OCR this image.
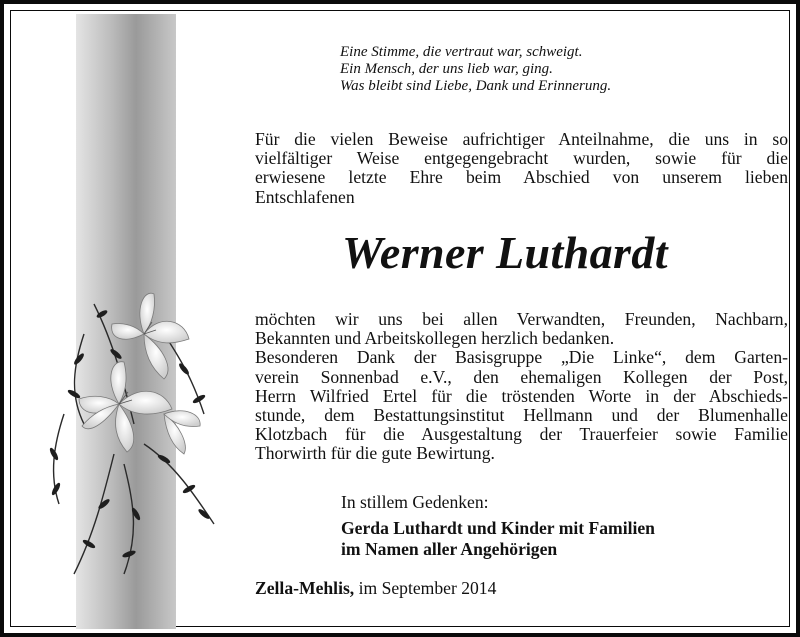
Eine Stimme, die vertraut war, schweigt.
Ein Mensch, der uns lieb war, ging.
Was bleibt sind Liebe, Dank und Erinnerung.
Für die vielen Beweise aufrichtiger Anteilnahme, die uns in so
vielfältiger Weise entgegengebracht wurden, sowie für die
erwiesene letzte Ehre beim Abschied von unserem lieben
Entschlafenen
Werner Luthardt
möchten wir uns bei allen Verwandten, Freunden, Nachbarn,
Bekannten und Arbeitskollegen herzlich bedanken.
Besonderen Dank der Basisgruppe „Die Linke“, dem Garten-
verein Sonnenbad e.V., den ehemaligen Kollegen der Post,
Herrn Wilfried Ertel für die tröstenden Worte in der Abschieds-
stunde, dem Bestattungsinstitut Hellmann und der Blumenhalle
Klotzbach für die Ausgestaltung der Trauerfeier sowie Familie
Thorwirth für die gute Bewirtung.
In stillem Gedenken:
Gerda Luthardt und Kinder mit Familien
im Namen aller Angehörigen
Zella-Mehlis, im September 2014
